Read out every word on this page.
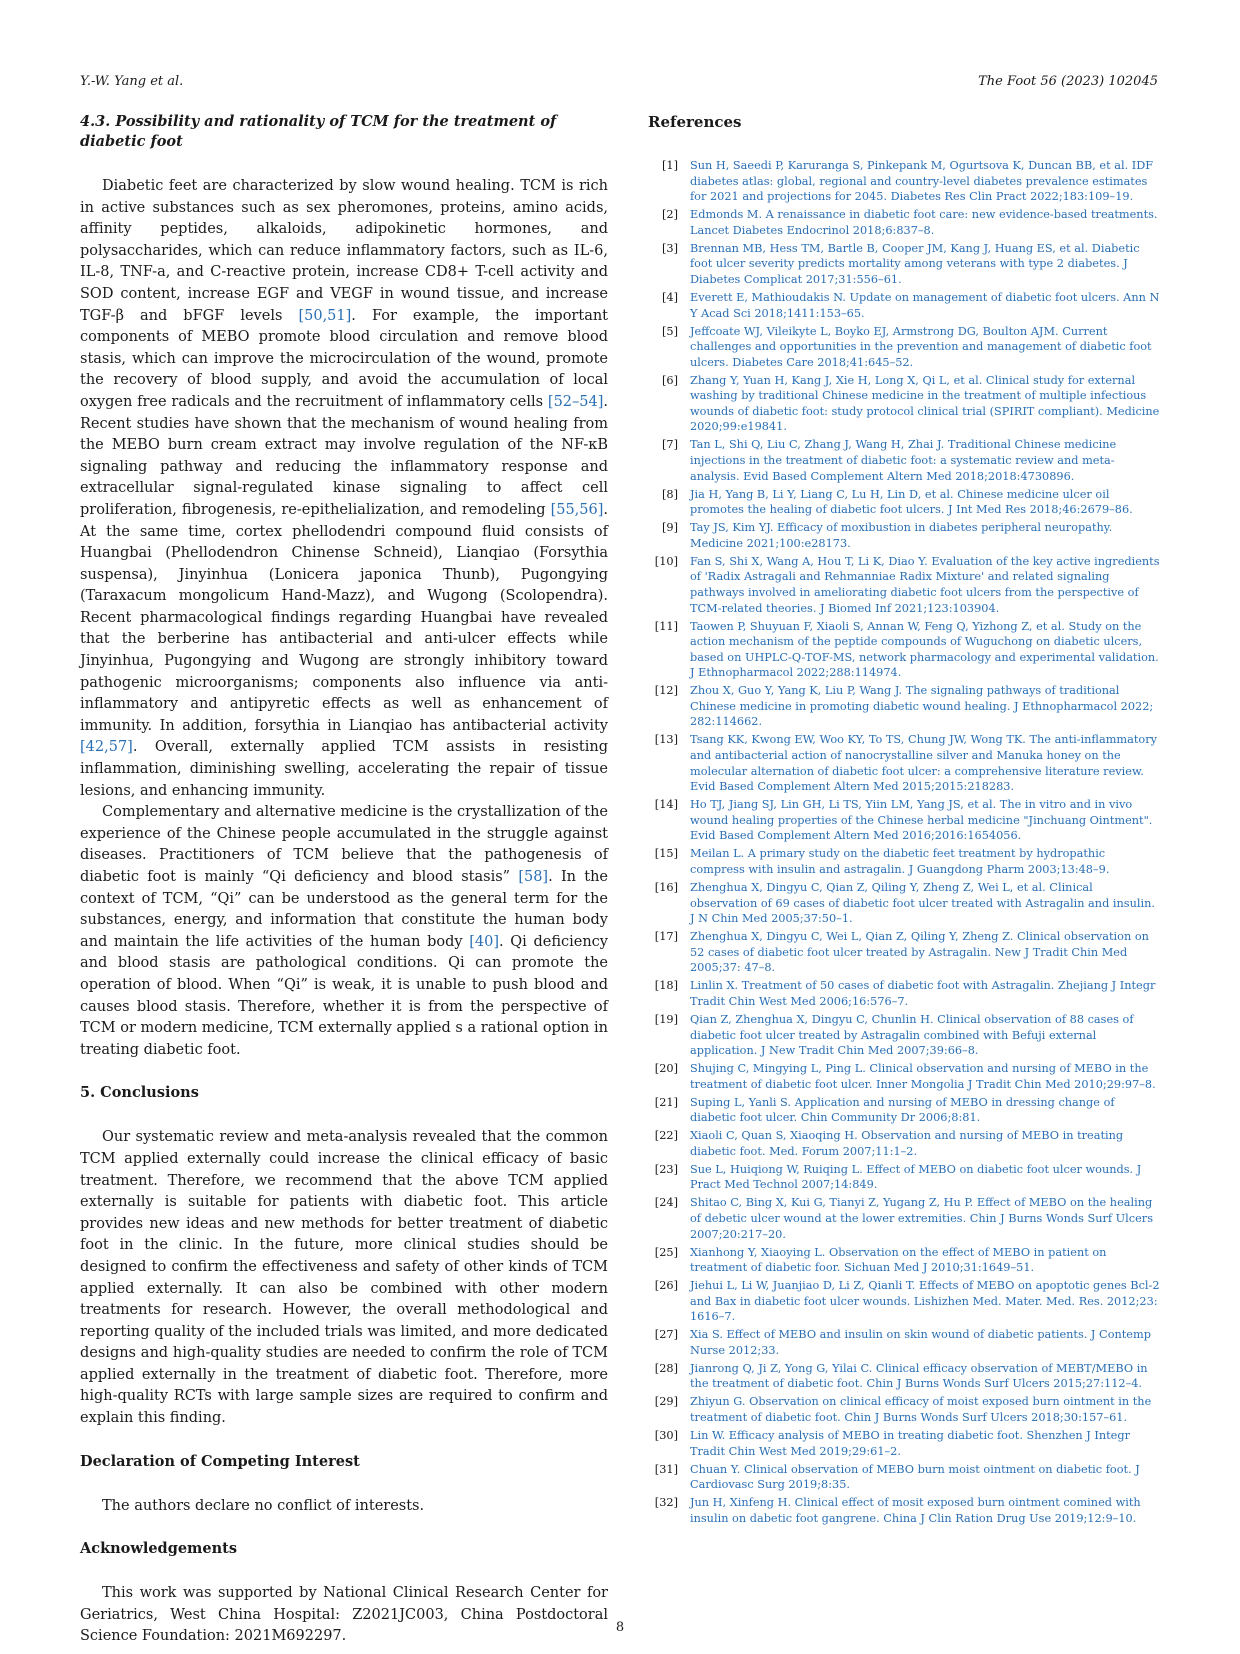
Y.-W. Yang et al.	The Foot 56 (2023) 102045
4.3. Possibility and rationality of TCM for the treatment of diabetic foot

Diabetic feet are characterized by slow wound healing. TCM is rich in active substances such as sex pheromones, proteins, amino acids, affinity peptides, alkaloids, adipokinetic hormones, and polysaccharides, which can reduce inflammatory factors, such as IL-6, IL-8, TNF-a, and C-reactive protein, increase CD8+ T-cell activity and SOD content, increase EGF and VEGF in wound tissue, and increase TGF-β and bFGF levels [50,51]. For example, the important components of MEBO promote blood circulation and remove blood stasis, which can improve the microcirculation of the wound, promote the recovery of blood supply, and avoid the accumulation of local oxygen free radicals and the recruitment of inflammatory cells [52–54]. Recent studies have shown that the mechanism of wound healing from the MEBO burn cream extract may involve regulation of the NF-κB signaling pathway and reducing the inflammatory response and extracellular signal-regulated kinase signaling to affect cell proliferation, fibrogenesis, re-epithelialization, and remodeling [55,56]. At the same time, cortex phellodendri compound fluid consists of Huangbai (Phellodendron Chinense Schneid), Lianqiao (Forsythia suspensa), Jinyinhua (Lonicera japonica Thunb), Pugongying (Taraxacum mongolicum Hand-Mazz), and Wugong (Scolopendra). Recent pharmacological findings regarding Huangbai have revealed that the berberine has antibacterial and anti-ulcer effects while Jinyinhua, Pugongying and Wugong are strongly inhibitory toward pathogenic microorganisms; components also influence via anti-inflammatory and antipyretic effects as well as enhancement of immunity. In addition, forsythia in Lianqiao has antibacterial activity [42,57]. Overall, externally applied TCM assists in resisting inflammation, diminishing swelling, accelerating the repair of tissue lesions, and enhancing immunity.

Complementary and alternative medicine is the crystallization of the experience of the Chinese people accumulated in the struggle against diseases. Practitioners of TCM believe that the pathogenesis of diabetic foot is mainly “Qi deficiency and blood stasis” [58]. In the context of TCM, “Qi” can be understood as the general term for the substances, energy, and information that constitute the human body and maintain the life activities of the human body [40]. Qi deficiency and blood stasis are pathological conditions. Qi can promote the operation of blood. When “Qi” is weak, it is unable to push blood and causes blood stasis. Therefore, whether it is from the perspective of TCM or modern medicine, TCM externally applied s a rational option in treating diabetic foot.

5. Conclusions

Our systematic review and meta-analysis revealed that the common TCM applied externally could increase the clinical efficacy of basic treatment. Therefore, we recommend that the above TCM applied externally is suitable for patients with diabetic foot. This article provides new ideas and new methods for better treatment of diabetic foot in the clinic. In the future, more clinical studies should be designed to confirm the effectiveness and safety of other kinds of TCM applied externally. It can also be combined with other modern treatments for research. However, the overall methodological and reporting quality of the included trials was limited, and more dedicated designs and high-quality studies are needed to confirm the role of TCM applied externally in the treatment of diabetic foot. Therefore, more high-quality RCTs with large sample sizes are required to confirm and explain this finding.

Declaration of Competing Interest

The authors declare no conflict of interests.

Acknowledgements

This work was supported by National Clinical Research Center for Geriatrics, West China Hospital: Z2021JC003, China Postdoctoral Science Foundation: 2021M692297.

References
[1] Sun H, Saeedi P, Karuranga S, Pinkepank M, Ogurtsova K, Duncan BB, et al. IDF diabetes atlas: global, regional and country-level diabetes prevalence estimates for 2021 and projections for 2045. Diabetes Res Clin Pract 2022;183:109–19.
[2] Edmonds M. A renaissance in diabetic foot care: new evidence-based treatments. Lancet Diabetes Endocrinol 2018;6:837–8.
[3] Brennan MB, Hess TM, Bartle B, Cooper JM, Kang J, Huang ES, et al. Diabetic foot ulcer severity predicts mortality among veterans with type 2 diabetes. J Diabetes Complicat 2017;31:556–61.
[4] Everett E, Mathioudakis N. Update on management of diabetic foot ulcers. Ann N Y Acad Sci 2018;1411:153–65.
[5] Jeffcoate WJ, Vileikyte L, Boyko EJ, Armstrong DG, Boulton AJM. Current challenges and opportunities in the prevention and management of diabetic foot ulcers. Diabetes Care 2018;41:645–52.
[6] Zhang Y, Yuan H, Kang J, Xie H, Long X, Qi L, et al. Clinical study for external washing by traditional Chinese medicine in the treatment of multiple infectious wounds of diabetic foot: study protocol clinical trial (SPIRIT compliant). Medicine 2020;99:e19841.
[7] Tan L, Shi Q, Liu C, Zhang J, Wang H, Zhai J. Traditional Chinese medicine injections in the treatment of diabetic foot: a systematic review and meta-analysis. Evid Based Complement Altern Med 2018;2018:4730896.
[8] Jia H, Yang B, Li Y, Liang C, Lu H, Lin D, et al. Chinese medicine ulcer oil promotes the healing of diabetic foot ulcers. J Int Med Res 2018;46:2679–86.
[9] Tay JS, Kim YJ. Efficacy of moxibustion in diabetes peripheral neuropathy. Medicine 2021;100:e28173.
[10] Fan S, Shi X, Wang A, Hou T, Li K, Diao Y. Evaluation of the key active ingredients of 'Radix Astragali and Rehmanniae Radix Mixture' and related signaling pathways involved in ameliorating diabetic foot ulcers from the perspective of TCM-related theories. J Biomed Inf 2021;123:103904.
[11] Taowen P, Shuyuan F, Xiaoli S, Annan W, Feng Q, Yizhong Z, et al. Study on the action mechanism of the peptide compounds of Wuguchong on diabetic ulcers, based on UHPLC-Q-TOF-MS, network pharmacology and experimental validation. J Ethnopharmacol 2022;288:114974.
[12] Zhou X, Guo Y, Yang K, Liu P, Wang J. The signaling pathways of traditional Chinese medicine in promoting diabetic wound healing. J Ethnopharmacol 2022; 282:114662.
[13] Tsang KK, Kwong EW, Woo KY, To TS, Chung JW, Wong TK. The anti-inflammatory and antibacterial action of nanocrystalline silver and Manuka honey on the molecular alternation of diabetic foot ulcer: a comprehensive literature review. Evid Based Complement Altern Med 2015;2015:218283.
[14] Ho TJ, Jiang SJ, Lin GH, Li TS, Yiin LM, Yang JS, et al. The in vitro and in vivo wound healing properties of the Chinese herbal medicine "Jinchuang Ointment". Evid Based Complement Altern Med 2016;2016:1654056.
[15] Meilan L. A primary study on the diabetic feet treatment by hydropathic compress with insulin and astragalin. J Guangdong Pharm 2003;13:48–9.
[16] Zhenghua X, Dingyu C, Qian Z, Qiling Y, Zheng Z, Wei L, et al. Clinical observation of 69 cases of diabetic foot ulcer treated with Astragalin and insulin. J N Chin Med 2005;37:50–1.
[17] Zhenghua X, Dingyu C, Wei L, Qian Z, Qiling Y, Zheng Z. Clinical observation on 52 cases of diabetic foot ulcer treated by Astragalin. New J Tradit Chin Med 2005;37: 47–8.
[18] Linlin X. Treatment of 50 cases of diabetic foot with Astragalin. Zhejiang J Integr Tradit Chin West Med 2006;16:576–7.
[19] Qian Z, Zhenghua X, Dingyu C, Chunlin H. Clinical observation of 88 cases of diabetic foot ulcer treated by Astragalin combined with Befuji external application. J New Tradit Chin Med 2007;39:66–8.
[20] Shujing C, Mingying L, Ping L. Clinical observation and nursing of MEBO in the treatment of diabetic foot ulcer. Inner Mongolia J Tradit Chin Med 2010;29:97–8.
[21] Suping L, Yanli S. Application and nursing of MEBO in dressing change of diabetic foot ulcer. Chin Community Dr 2006;8:81.
[22] Xiaoli C, Quan S, Xiaoqing H. Observation and nursing of MEBO in treating diabetic foot. Med. Forum 2007;11:1–2.
[23] Sue L, Huiqiong W, Ruiqing L. Effect of MEBO on diabetic foot ulcer wounds. J Pract Med Technol 2007;14:849.
[24] Shitao C, Bing X, Kui G, Tianyi Z, Yugang Z, Hu P. Effect of MEBO on the healing of debetic ulcer wound at the lower extremities. Chin J Burns Wonds Surf Ulcers 2007;20:217–20.
[25] Xianhong Y, Xiaoying L. Observation on the effect of MEBO in patient on treatment of diabetic foor. Sichuan Med J 2010;31:1649–51.
[26] Jiehui L, Li W, Juanjiao D, Li Z, Qianli T. Effects of MEBO on apoptotic genes Bcl-2 and Bax in diabetic foot ulcer wounds. Lishizhen Med. Mater. Med. Res. 2012;23: 1616–7.
[27] Xia S. Effect of MEBO and insulin on skin wound of diabetic patients. J Contemp Nurse 2012;33.
[28] Jianrong Q, Ji Z, Yong G, Yilai C. Clinical efficacy observation of MEBT/MEBO in the treatment of diabetic foot. Chin J Burns Wonds Surf Ulcers 2015;27:112–4.
[29] Zhiyun G. Observation on clinical efficacy of moist exposed burn ointment in the treatment of diabetic foot. Chin J Burns Wonds Surf Ulcers 2018;30:157–61.
[30] Lin W. Efficacy analysis of MEBO in treating diabetic foot. Shenzhen J Integr Tradit Chin West Med 2019;29:61–2.
[31] Chuan Y. Clinical observation of MEBO burn moist ointment on diabetic foot. J Cardiovasc Surg 2019;8:35.
[32] Jun H, Xinfeng H. Clinical effect of mosit exposed burn ointment comined with insulin on dabetic foot gangrene. China J Clin Ration Drug Use 2019;12:9–10.
8
